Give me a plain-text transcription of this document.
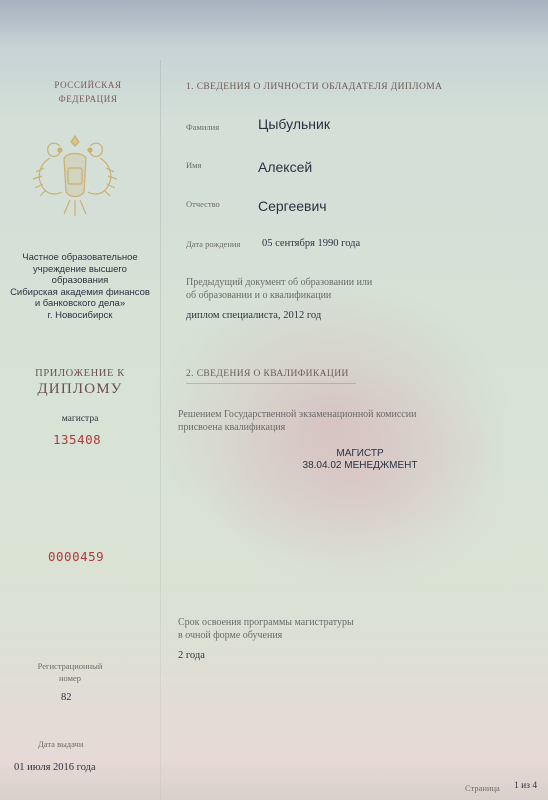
РОССИЙСКАЯ
ФЕДЕРАЦИЯ
Частное образовательное
учреждение высшего
образования
Сибирская академия финансов
и банковского дела»
г. Новосибирск
ПРИЛОЖЕНИЕ К
ДИПЛОМУ
магистра
135408
0000459
Регистрационный
номер
82
Дата выдачи
01 июля 2016 года
1. СВЕДЕНИЯ О ЛИЧНОСТИ ОБЛАДАТЕЛЯ ДИПЛОМА
Фамилия	Цыбульник
Имя	Алексей
Отчество	Сергеевич
Дата рождения 05 сентября 1990 года
Предыдущий документ об образовании или
об образовании и о квалификации
диплом специалиста, 2012 год
2. СВЕДЕНИЯ О КВАЛИФИКАЦИИ
Решением Государственной экзаменационной комиссии
присвоена квалификация
МАГИСТР
38.04.02 МЕНЕДЖМЕНТ
Срок освоения программы магистратуры
в очной форме обучения
2 года
Страница 1 из 4
